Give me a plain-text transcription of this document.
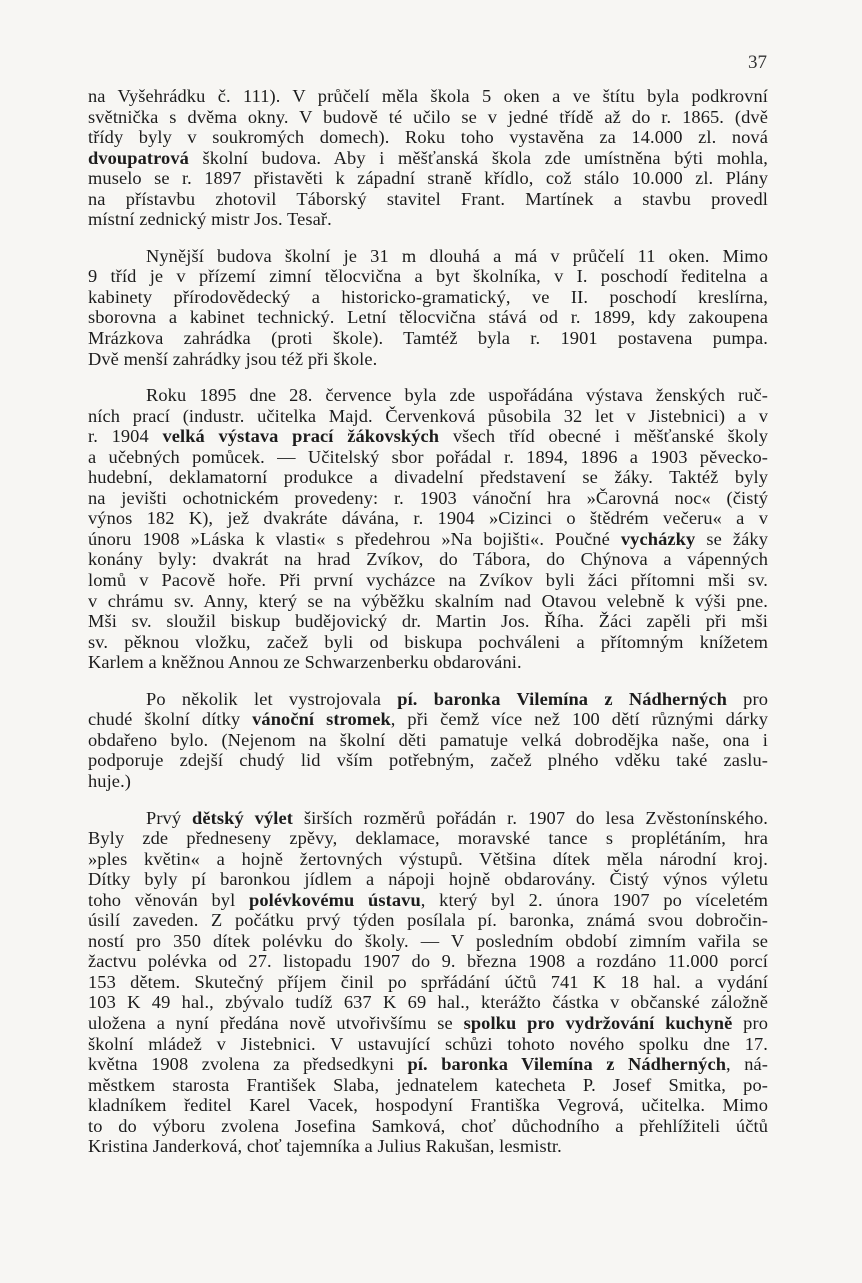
37
na Vyšehrádku č. 111). V průčelí měla škola 5 oken a ve štítu byla podkrovní
světnička s dvěma okny. V budově té učilo se v jedné třídě až do r. 1865. (dvě
třídy byly v soukromých domech). Roku toho vystavěna za 14.000 zl. nová
dvoupatrová školní budova. Aby i měšťanská škola zde umístněna býti mohla,
muselo se r. 1897 přistavěti k západní straně křídlo, což stálo 10.000 zl. Plány
na přístavbu zhotovil Táborský stavitel Frant. Martínek a stavbu provedl
místní zednický mistr Jos. Tesař.
Nynější budova školní je 31 m dlouhá a má v průčelí 11 oken. Mimo
9 tříd je v přízemí zimní tělocvična a byt školníka, v I. poschodí ředitelna a
kabinety přírodovědecký a historicko-gramatický, ve II. poschodí kreslírna,
sborovna a kabinet technický. Letní tělocvična stává od r. 1899, kdy zakoupena
Mrázkova zahrádka (proti škole). Tamtéž byla r. 1901 postavena pumpa.
Dvě menší zahrádky jsou též při škole.
Roku 1895 dne 28. července byla zde uspořádána výstava ženských ruč-
ních prací (industr. učitelka Majd. Červenková působila 32 let v Jistebnici) a v
r. 1904 velká výstava prací žákovských všech tříd obecné i měšťanské školy
a učebných pomůcek. — Učitelský sbor pořádal r. 1894, 1896 a 1903 pěvecko-
hudební, deklamatorní produkce a divadelní představení se žáky. Taktéž byly
na jevišti ochotnickém provedeny: r. 1903 vánoční hra »Čarovná noc« (čistý
výnos 182 K), jež dvakráte dávána, r. 1904 »Cizinci o štědrém večeru« a v
únoru 1908 »Láska k vlasti« s předehrou »Na bojišti«. Poučné vycházky se žáky
konány byly: dvakrát na hrad Zvíkov, do Tábora, do Chýnova a vápenných
lomů v Pacově hoře. Při první vycházce na Zvíkov byli žáci přítomni mši sv.
v chrámu sv. Anny, který se na výběžku skalním nad Otavou velebně k výši pne.
Mši sv. sloužil biskup budějovický dr. Martin Jos. Říha. Žáci zapěli při mši
sv. pěknou vložku, začež byli od biskupa pochváleni a přítomným knížetem
Karlem a kněžnou Annou ze Schwarzenberku obdarováni.
Po několik let vystrojovala pí. baronka Vilemína z Nádherných pro
chudé školní dítky vánoční stromek, při čemž více než 100 dětí různými dárky
obdařeno bylo. (Nejenom na školní děti pamatuje velká dobrodějka naše, ona i
podporuje zdejší chudý lid vším potřebným, začež plného vděku také zaslu-
huje.)
Prvý dětský výlet širších rozměrů pořádán r. 1907 do lesa Zvěstonínského.
Byly zde předneseny zpěvy, deklamace, moravské tance s proplétáním, hra
»ples květin« a hojně žertovných výstupů. Většina dítek měla národní kroj.
Dítky byly pí baronkou jídlem a nápoji hojně obdarovány. Čistý výnos výletu
toho věnován byl polévkovému ústavu, který byl 2. února 1907 po víceletém
úsilí zaveden. Z počátku prvý týden posílala pí. baronka, známá svou dobročin-
ností pro 350 dítek polévku do školy. — V posledním období zimním vařila se
žactvu polévka od 27. listopadu 1907 do 9. března 1908 a rozdáno 11.000 porcí
153 dětem. Skutečný příjem činil po sprřádání účtů 741 K 18 hal. a vydání
103 K 49 hal., zbývalo tudíž 637 K 69 hal., kterážto částka v občanské záložně
uložena a nyní předána nově utvořivšímu se spolku pro vydržování kuchyně pro
školní mládež v Jistebnici. V ustavující schůzi tohoto nového spolku dne 17.
května 1908 zvolena za předsedkyni pí. baronka Vilemína z Nádherných, ná-
městkem starosta František Slaba, jednatelem katecheta P. Josef Smitka, po-
kladníkem ředitel Karel Vacek, hospodyní Františka Vegrová, učitelka. Mimo
to do výboru zvolena Josefina Samková, choť důchodního a přehlížiteli účtů
Kristina Janderková, choť tajemníka a Julius Rakušan, lesmistr.
